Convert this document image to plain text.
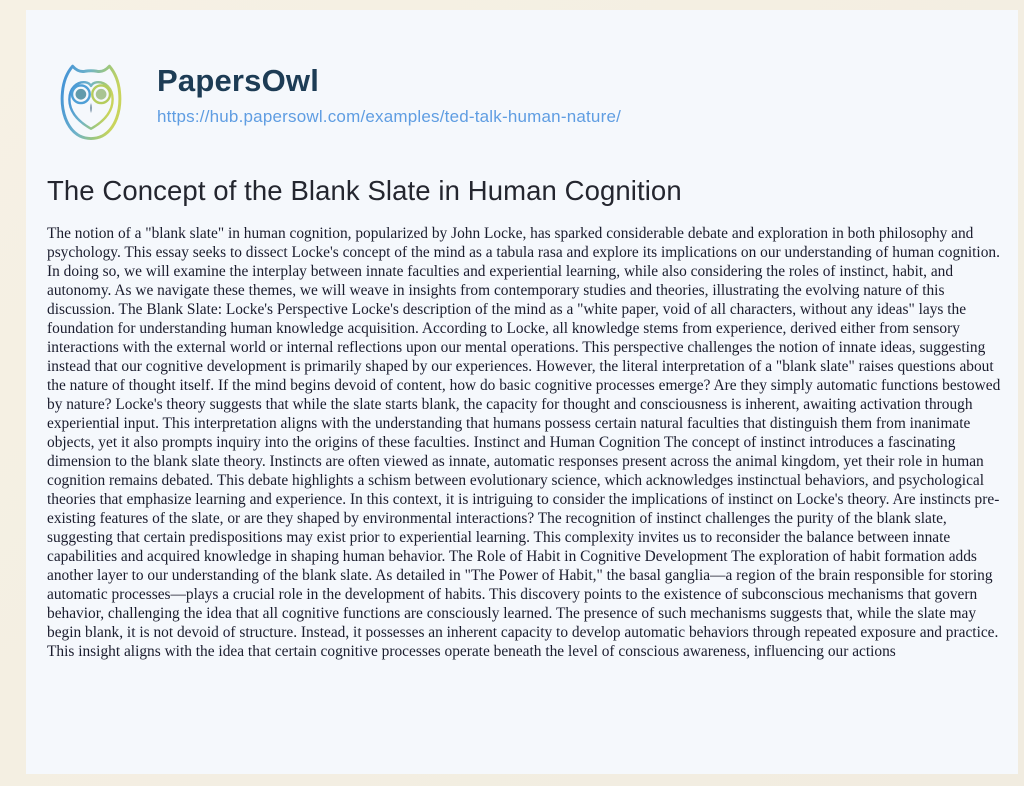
PapersOwl
https://hub.papersowl.com/examples/ted-talk-human-nature/
The Concept of the Blank Slate in Human Cognition

The notion of a "blank slate" in human cognition, popularized by John Locke, has sparked considerable debate and exploration in both philosophy and psychology. This essay seeks to dissect Locke's concept of the mind as a tabula rasa and explore its implications on our understanding of human cognition. In doing so, we will examine the interplay between innate faculties and experiential learning, while also considering the roles of instinct, habit, and autonomy. As we navigate these themes, we will weave in insights from contemporary studies and theories, illustrating the evolving nature of this discussion. The Blank Slate: Locke's Perspective Locke's description of the mind as a "white paper, void of all characters, without any ideas" lays the foundation for understanding human knowledge acquisition. According to Locke, all knowledge stems from experience, derived either from sensory interactions with the external world or internal reflections upon our mental operations. This perspective challenges the notion of innate ideas, suggesting instead that our cognitive development is primarily shaped by our experiences. However, the literal interpretation of a "blank slate" raises questions about the nature of thought itself. If the mind begins devoid of content, how do basic cognitive processes emerge? Are they simply automatic functions bestowed by nature? Locke's theory suggests that while the slate starts blank, the capacity for thought and consciousness is inherent, awaiting activation through experiential input. This interpretation aligns with the understanding that humans possess certain natural faculties that distinguish them from inanimate objects, yet it also prompts inquiry into the origins of these faculties. Instinct and Human Cognition The concept of instinct introduces a fascinating dimension to the blank slate theory. Instincts are often viewed as innate, automatic responses present across the animal kingdom, yet their role in human cognition remains debated. This debate highlights a schism between evolutionary science, which acknowledges instinctual behaviors, and psychological theories that emphasize learning and experience. In this context, it is intriguing to consider the implications of instinct on Locke's theory. Are instincts pre-existing features of the slate, or are they shaped by environmental interactions? The recognition of instinct challenges the purity of the blank slate, suggesting that certain predispositions may exist prior to experiential learning. This complexity invites us to reconsider the balance between innate capabilities and acquired knowledge in shaping human behavior. The Role of Habit in Cognitive Development The exploration of habit formation adds another layer to our understanding of the blank slate. As detailed in "The Power of Habit," the basal ganglia—a region of the brain responsible for storing automatic processes—plays a crucial role in the development of habits. This discovery points to the existence of subconscious mechanisms that govern behavior, challenging the idea that all cognitive functions are consciously learned. The presence of such mechanisms suggests that, while the slate may begin blank, it is not devoid of structure. Instead, it possesses an inherent capacity to develop automatic behaviors through repeated exposure and practice. This insight aligns with the idea that certain cognitive processes operate beneath the level of conscious awareness, influencing our actions
